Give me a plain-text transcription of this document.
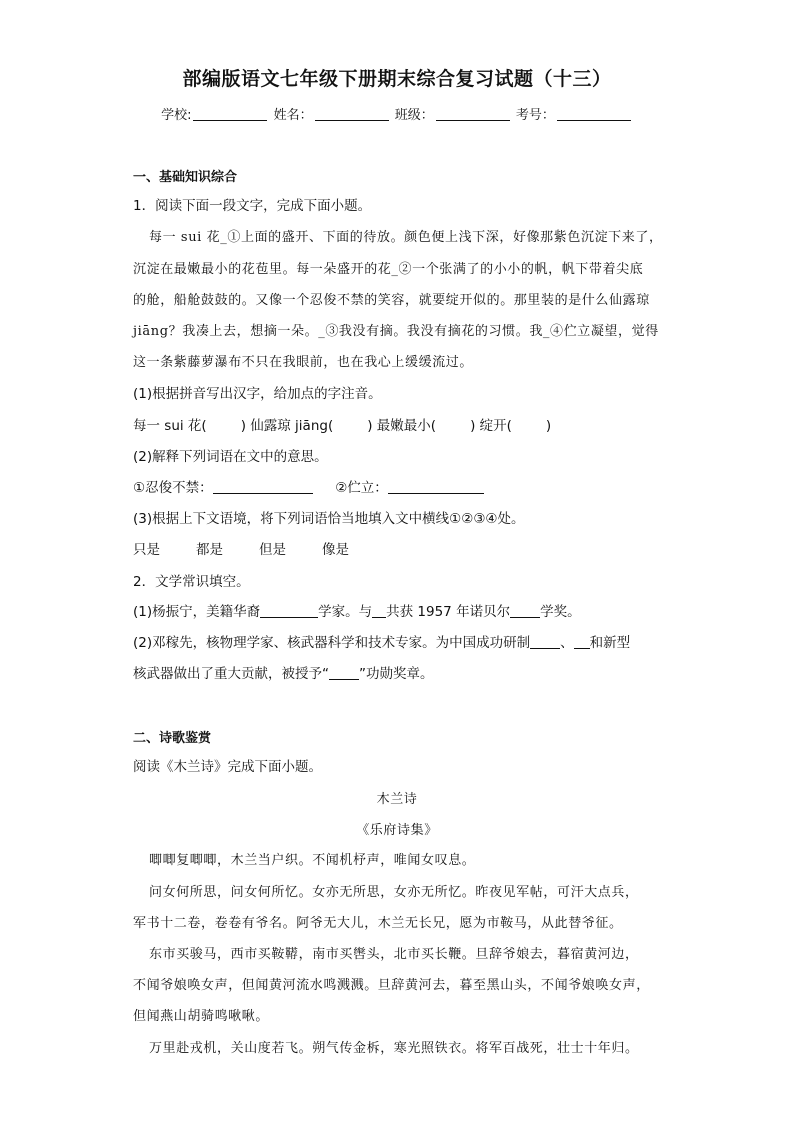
部编版语文七年级下册期末综合复习试题（十三）
学校:	姓名：	班级：	考号：
一、基础知识综合
1．阅读下面一段文字，完成下面小题。
每一 sui 花_①上面的盛开、下面的待放。颜色便上浅下深，好像那紫色沉淀下来了，
沉淀在最嫩最小的花苞里。每一朵盛开的花_②一个张满了的小小的帆，帆下带着尖底
的舱，船舱鼓鼓的。又像一个忍俊不禁的笑容，就要绽开似的。那里装的是什么仙露琼
jiāng？我凑上去，想摘一朵。_③我没有摘。我没有摘花的习惯。我_④伫立凝望，觉得
这一条紫藤萝瀑布不只在我眼前，也在我心上缓缓流过。
(1)根据拼音写出汉字，给加点的字注音。
每一 sui 花(	) 仙露琼 jiāng(	) 最嫩最小(	) 绽开(	)
(2)解释下列词语在文中的意思。
①忍俊不禁：	②伫立：
(3)根据上下文语境，将下列词语恰当地填入文中横线①②③④处。
只是	都是	但是	像是
2．文学常识填空。
(1)杨振宁，美籍华裔	学家。与 共获 1957 年诺贝尔 学奖。
(2)邓稼先，核物理学家、核武器科学和技术专家。为中国成功研制 、 和新型
核武器做出了重大贡献，被授予“ ”功勋奖章。
二、诗歌鉴赏
阅读《木兰诗》完成下面小题。
木兰诗
《乐府诗集》
唧唧复唧唧，木兰当户织。不闻机杼声，唯闻女叹息。
问女何所思，问女何所忆。女亦无所思，女亦无所忆。昨夜见军帖，可汗大点兵，
军书十二卷，卷卷有爷名。阿爷无大儿，木兰无长兄，愿为市鞍马，从此替爷征。
东市买骏马，西市买鞍鞯，南市买辔头，北市买长鞭。旦辞爷娘去，暮宿黄河边，
不闻爷娘唤女声，但闻黄河流水鸣溅溅。旦辞黄河去，暮至黑山头，不闻爷娘唤女声，
但闻燕山胡骑鸣啾啾。
万里赴戎机，关山度若飞。朔气传金柝，寒光照铁衣。将军百战死，壮士十年归。
